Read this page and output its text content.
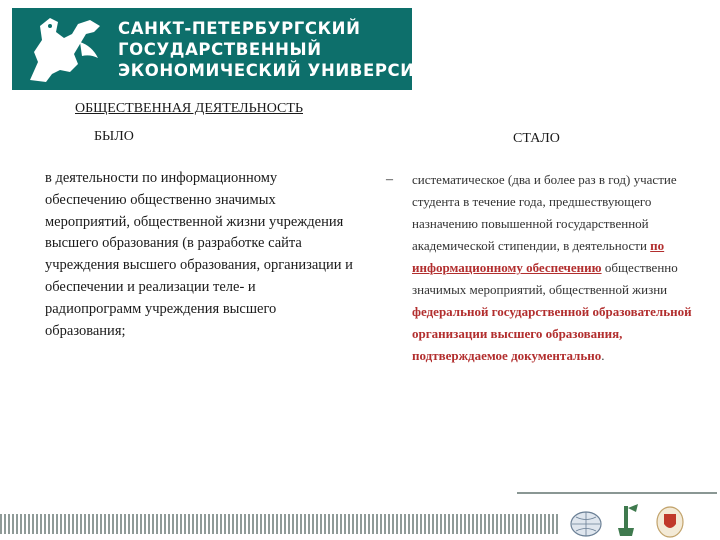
САНКТ-ПЕТЕРБУРГСКИЙ
ГОСУДАРСТВЕННЫЙ
ЭКОНОМИЧЕСКИЙ УНИВЕРСИТЕТ
ОБЩЕСТВЕННАЯ ДЕЯТЕЛЬНОСТЬ
БЫЛО	СТАЛО
в деятельности по информационному обеспечению общественно значимых мероприятий, общественной жизни учреждения высшего образования (в разработке сайта учреждения высшего образования, организации и обеспечении и реализации теле- и радиопрограмм учреждения высшего образования;
– систематическое (два и более раз в год) участие студента в течение года, предшествующего назначению повышенной государственной академической стипендии, в деятельности по информационному обеспечению общественно значимых мероприятий, общественной жизни федеральной государственной образовательной организации высшего образования, подтверждаемое документально.
